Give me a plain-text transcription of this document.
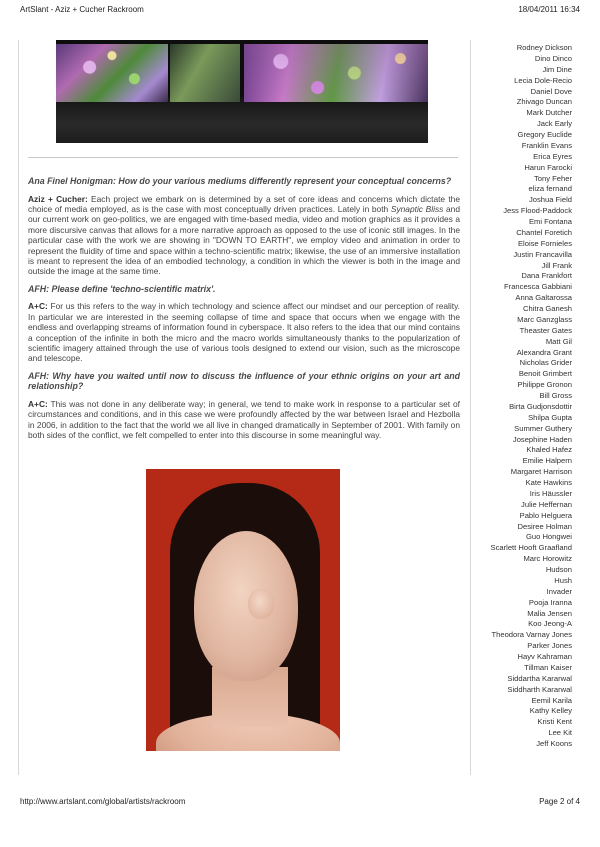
ArtSlant - Aziz + Cucher Rackroom	18/04/2011 16:34

Ana Finel Honigman: How do your various mediums differently represent your conceptual concerns?

Aziz + Cucher: Each project we embark on is determined by a set of core ideas and concerns which dictate the choice of media employed, as is the case with most conceptually driven practices. Lately in both Synaptic Bliss and our current work on geo-politics, we are engaged with time-based media, video and motion graphics as it provides a more discursive canvas that allows for a more narrative approach as opposed to the use of iconic still images. In the particular case with the work we are showing in "DOWN TO EARTH", we employ video and animation in order to represent the fluidity of time and space within a techno-scientific matrix; likewise, the use of an immersive installation is meant to represent the idea of an embodied technology, a condition in which the viewer is both in the image and outside the image at the same time.

AFH: Please define 'techno-scientific matrix'.

A+C: For us this refers to the way in which technology and science affect our mindset and our perception of reality. In particular we are interested in the seeming collapse of time and space that occurs when we engage with the endless and overlapping streams of information found in cyberspace. It also refers to the idea that our mind contains a conception of the infinite in both the micro and the macro worlds simultaneously thanks to the popularization of scientific imagery attained through the use of various tools designed to extend our vision, such as the microscope and telescope.

AFH: Why have you waited until now to discuss the influence of your ethnic origins on your art and relationship?

A+C: This was not done in any deliberate way; in general, we tend to make work in response to a particular set of circumstances and conditions, and in this case we were profoundly affected by the war between Israel and Hezbolla in 2006, in addition to the fact that the world we all live in changed dramatically in September of 2001. With family on both sides of the conflict, we felt compelled to enter into this discourse in some meaningful way.

Rodney Dickson
Dino Dinco
Jim Dine
Lecia Dole-Recio
Daniel Dove
Zhivago Duncan
Mark Dutcher
Jack Early
Gregory Euclide
Franklin Evans
Erica Eyres
Harun Farocki
Tony Feher
eliza fernand
Joshua Field
Jess Flood-Paddock
Emi Fontana
Chantel Foretich
Eloise Fornieles
Justin Francavilla
Jill Frank
Dana Frankfort
Francesca Gabbiani
Anna Galtarossa
Chitra Ganesh
Marc Ganzglass
Theaster Gates
Matt Gil
Alexandra Grant
Nicholas Grider
Benoit Grimbert
Philippe Gronon
Bill Gross
Birta Gudjonsdottir
Shilpa Gupta
Summer Guthery
Josephine Haden
Khaled Hafez
Emilie Halpern
Margaret Harrison
Kate Hawkins
Iris Häussler
Julie Heffernan
Pablo Helguera
Desiree Holman
Guo Hongwei
Scarlett Hooft Graafland
Marc Horowitz
Hudson
Hush
Invader
Pooja Iranna
Malia Jensen
Koo Jeong-A
Theodora Varnay Jones
Parker Jones
Hayv Kahraman
Tillman Kaiser
Siddartha Kararwal
Siddharth Kararwal
Eemil Karila
Kathy Kelley
Kristi Kent
Lee Kit
Jeff Koons
http://www.artslant.com/global/artists/rackroom	Page 2 of 4
